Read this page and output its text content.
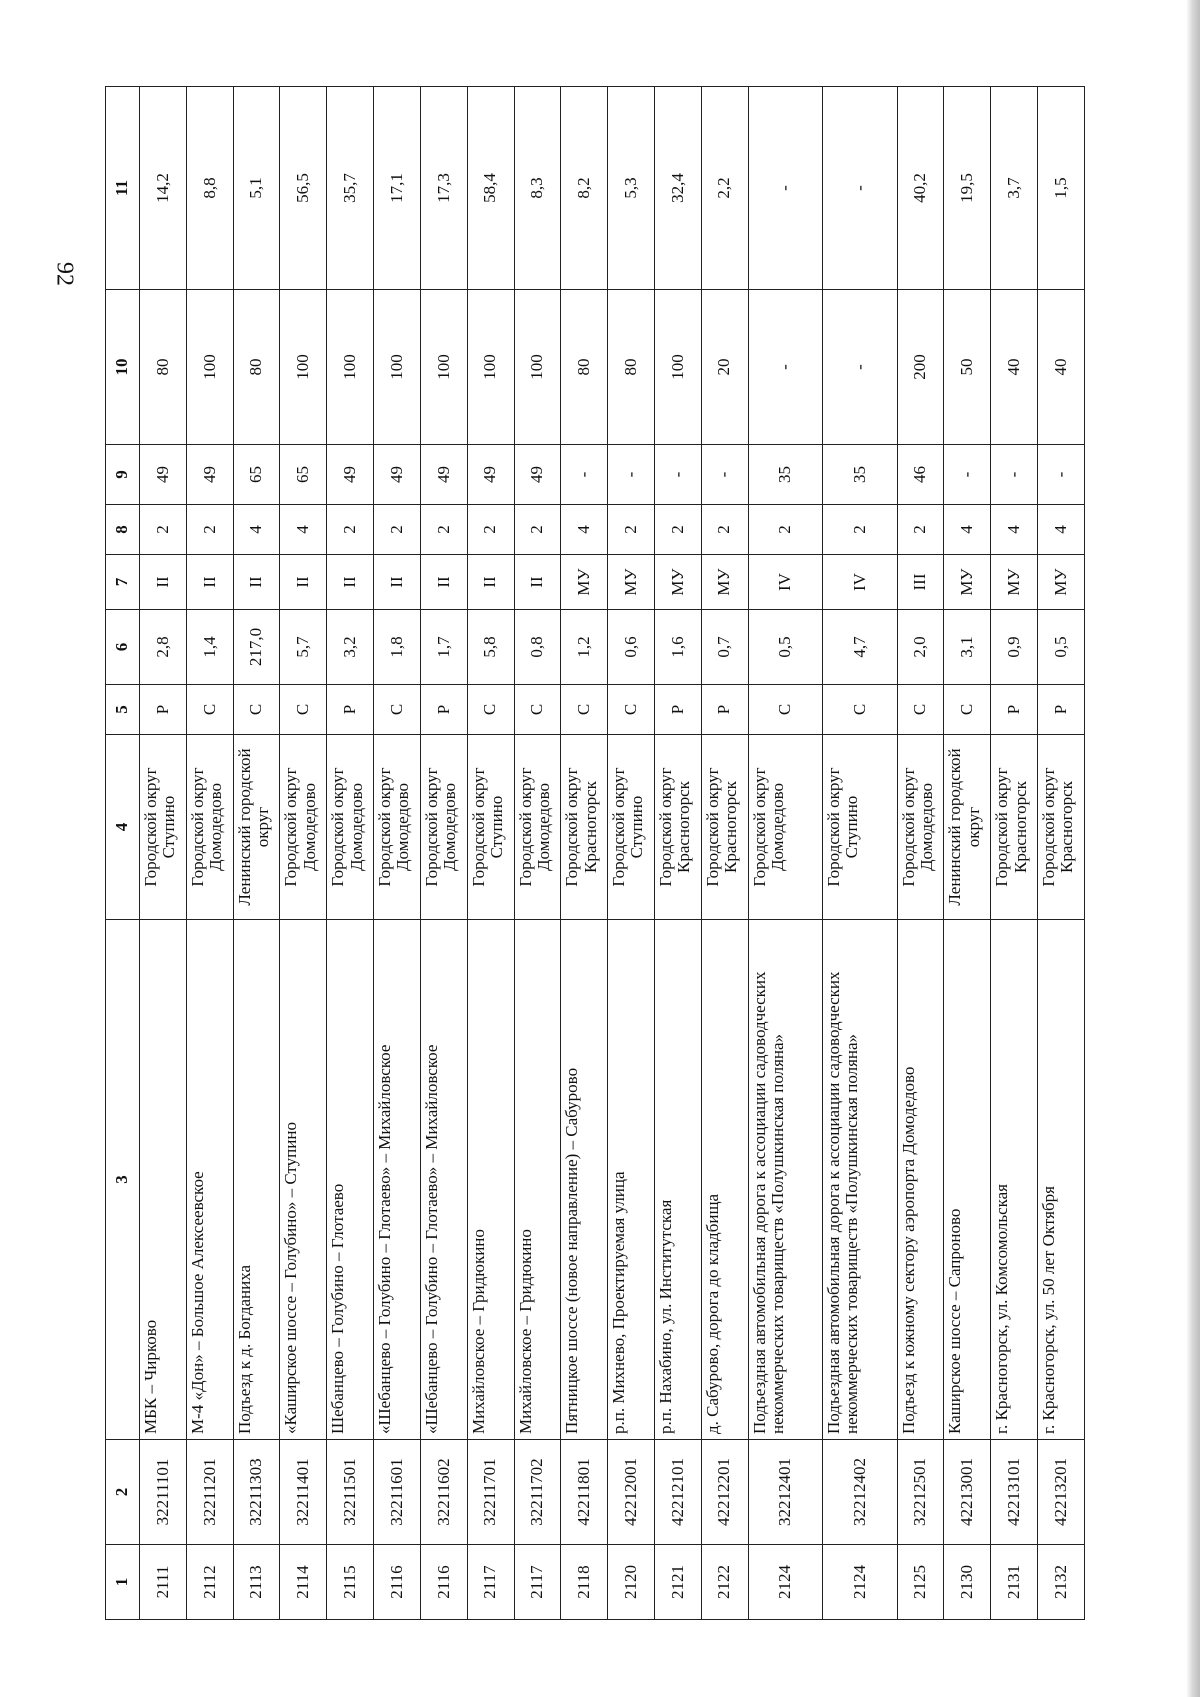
92
1	2	3	4	5	6	7	8	9	10	11
2111	32211101	МБК – Чирково	Городской округ Ступино	Р	2,8	II	2	49	80	14,2
2112	32211201	М-4 «Дон» – Большое Алексеевское	Городской округ Домодедово	С	1,4	II	2	49	100	8,8
2113	32211303	Подъезд к д. Богданиха	Ленинский городской округ	С	217,0	II	4	65	80	5,1
2114	32211401	«Каширское шоссе – Голубино» – Ступино	Городской округ Домодедово	С	5,7	II	4	65	100	56,5
2115	32211501	Шебанцево – Голубино – Глотаево	Городской округ Домодедово	Р	3,2	II	2	49	100	35,7
2116	32211601	«Шебанцево – Голубино – Глотаево» – Михайловское	Городской округ Домодедово	С	1,8	II	2	49	100	17,1
2116	32211602	«Шебанцево – Голубино – Глотаево» – Михайловское	Городской округ Домодедово	Р	1,7	II	2	49	100	17,3
2117	32211701	Михайловское – Гридюкино	Городской округ Ступино	С	5,8	II	2	49	100	58,4
2117	32211702	Михайловское – Гридюкино	Городской округ Домодедово	С	0,8	II	2	49	100	8,3
2118	42211801	Пятницкое шоссе (новое направление) – Сабурово	Городской округ Красногорск	С	1,2	МУ	4	-	80	8,2
2120	42212001	р.п. Михнево, Проектируемая улица	Городской округ Ступино	С	0,6	МУ	2	-	80	5,3
2121	42212101	р.п. Нахабино, ул. Институтская	Городской округ Красногорск	Р	1,6	МУ	2	-	100	32,4
2122	42212201	д. Сабурово, дорога до кладбища	Городской округ Красногорск	Р	0,7	МУ	2	-	20	2,2
2124	32212401	Подъездная автомобильная дорога к ассоциации садоводческих некоммерческих товариществ «Полушкинская поляна»	Городской округ Домодедово	С	0,5	IV	2	35	-	-
2124	32212402	Подъездная автомобильная дорога к ассоциации садоводческих некоммерческих товариществ «Полушкинская поляна»	Городской округ Ступино	С	4,7	IV	2	35	-	-
2125	32212501	Подъезд к южному сектору аэропорта Домодедово	Городской округ Домодедово	С	2,0	III	2	46	200	40,2
2130	42213001	Каширское шоссе – Сапроново	Ленинский городской округ	С	3,1	МУ	4	-	50	19,5
2131	42213101	г. Красногорск, ул. Комсомольская	Городской округ Красногорск	Р	0,9	МУ	4	-	40	3,7
2132	42213201	г. Красногорск, ул. 50 лет Октября	Городской округ Красногорск	Р	0,5	МУ	4	-	40	1,5
